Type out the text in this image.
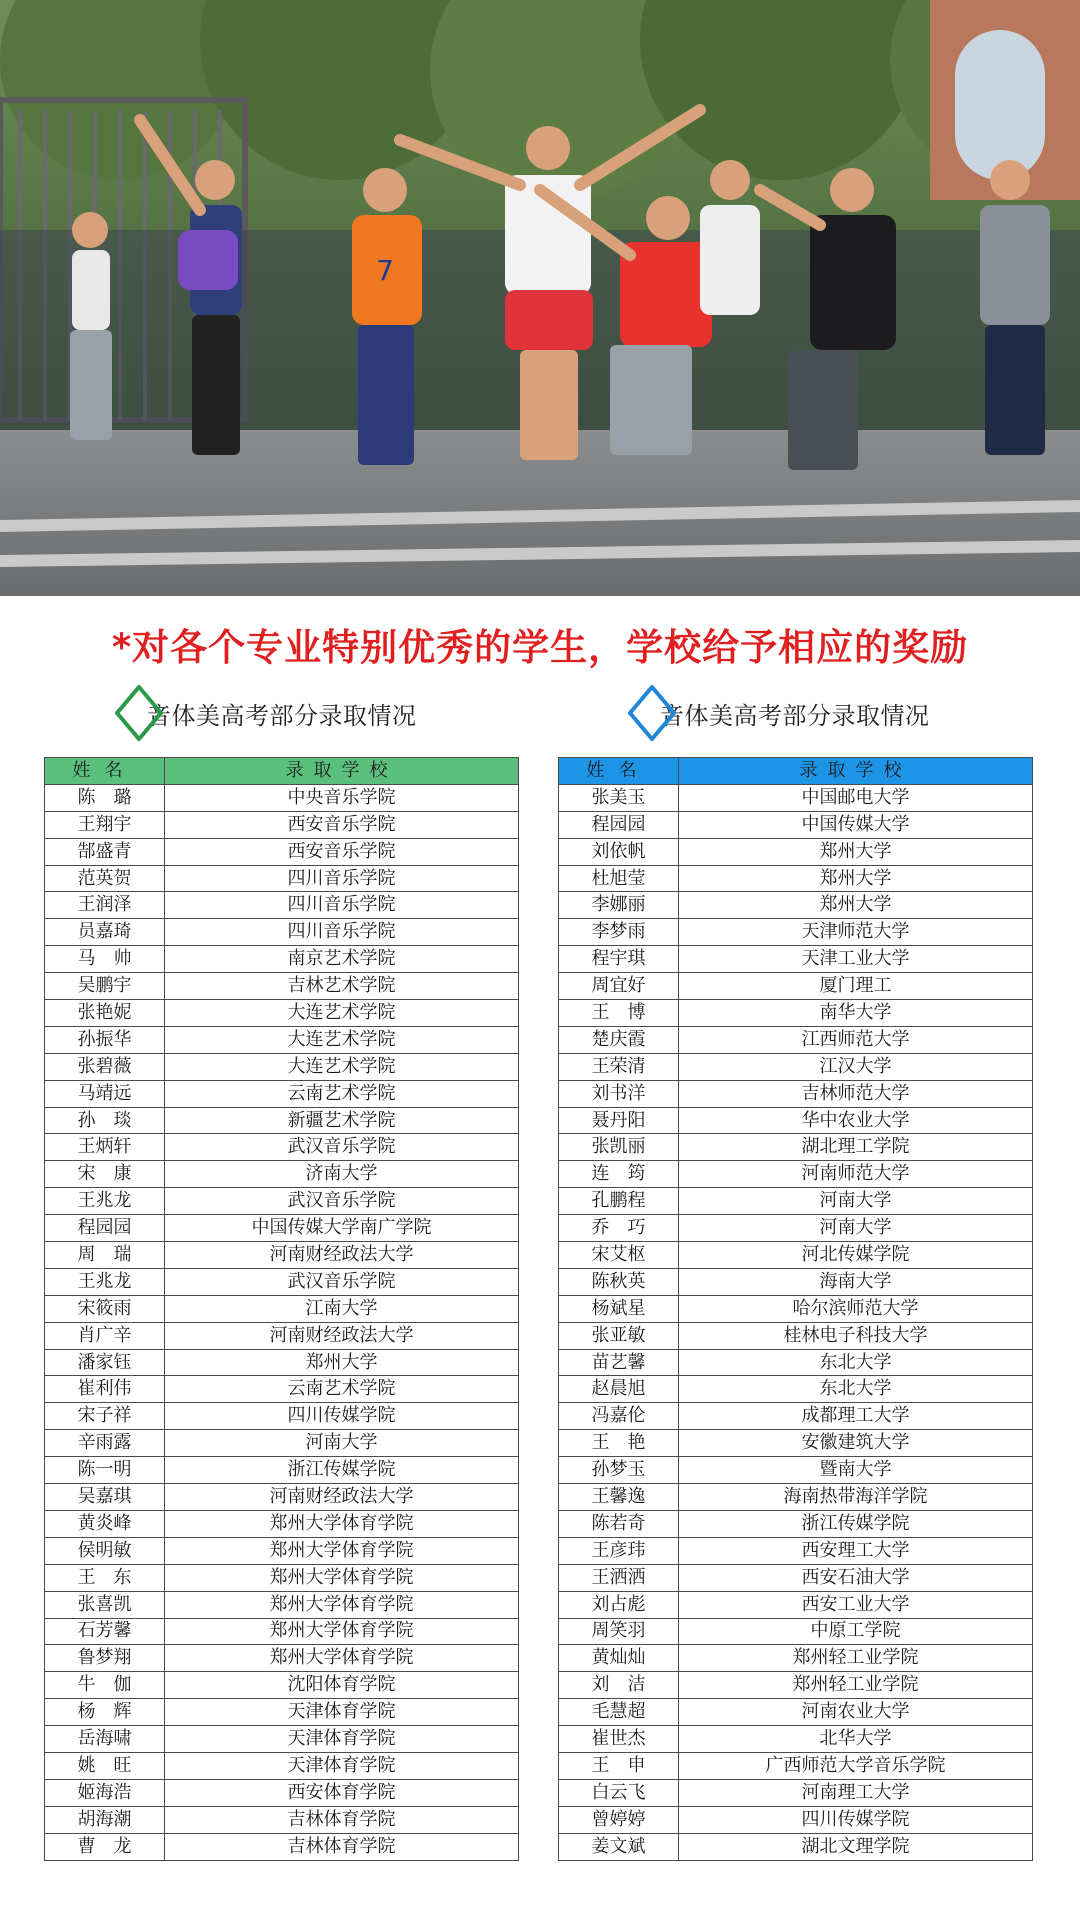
7
*对各个专业特别优秀的学生，学校给予相应的奖励
音体美高考部分录取情况	音体美高考部分录取情况
姓名	录取学校
陈　璐	中央音乐学院
王翔宇	西安音乐学院
郜盛青	西安音乐学院
范英贺	四川音乐学院
王润泽	四川音乐学院
员嘉琦	四川音乐学院
马　帅	南京艺术学院
吴鹏宇	吉林艺术学院
张艳妮	大连艺术学院
孙振华	大连艺术学院
张碧薇	大连艺术学院
马靖远	云南艺术学院
孙　琰	新疆艺术学院
王炳轩	武汉音乐学院
宋　康	济南大学
王兆龙	武汉音乐学院
程园园	中国传媒大学南广学院
周　瑞	河南财经政法大学
王兆龙	武汉音乐学院
宋筱雨	江南大学
肖广辛	河南财经政法大学
潘家钰	郑州大学
崔利伟	云南艺术学院
宋子祥	四川传媒学院
辛雨露	河南大学
陈一明	浙江传媒学院
吴嘉琪	河南财经政法大学
黄炎峰	郑州大学体育学院
侯明敏	郑州大学体育学院
王　东	郑州大学体育学院
张喜凯	郑州大学体育学院
石芳馨	郑州大学体育学院
鲁梦翔	郑州大学体育学院
牛　伽	沈阳体育学院
杨　辉	天津体育学院
岳海啸	天津体育学院
姚　旺	天津体育学院
姬海浩	西安体育学院
胡海潮	吉林体育学院
曹　龙	吉林体育学院
姓名	录取学校
张美玉	中国邮电大学
程园园	中国传媒大学
刘依帆	郑州大学
杜旭莹	郑州大学
李娜丽	郑州大学
李梦雨	天津师范大学
程宇琪	天津工业大学
周宜好	厦门理工
王　博	南华大学
楚庆霞	江西师范大学
王荣清	江汉大学
刘书洋	吉林师范大学
聂丹阳	华中农业大学
张凯丽	湖北理工学院
连　筠	河南师范大学
孔鹏程	河南大学
乔　巧	河南大学
宋艾枢	河北传媒学院
陈秋英	海南大学
杨斌星	哈尔滨师范大学
张亚敏	桂林电子科技大学
苗艺馨	东北大学
赵晨旭	东北大学
冯嘉伦	成都理工大学
王　艳	安徽建筑大学
孙梦玉	暨南大学
王馨逸	海南热带海洋学院
陈若奇	浙江传媒学院
王彦玮	西安理工大学
王洒洒	西安石油大学
刘占彪	西安工业大学
周笑羽	中原工学院
黄灿灿	郑州轻工业学院
刘　洁	郑州轻工业学院
毛慧超	河南农业大学
崔世杰	北华大学
王　申	广西师范大学音乐学院
白云飞	河南理工大学
曾婷婷	四川传媒学院
姜文斌	湖北文理学院
